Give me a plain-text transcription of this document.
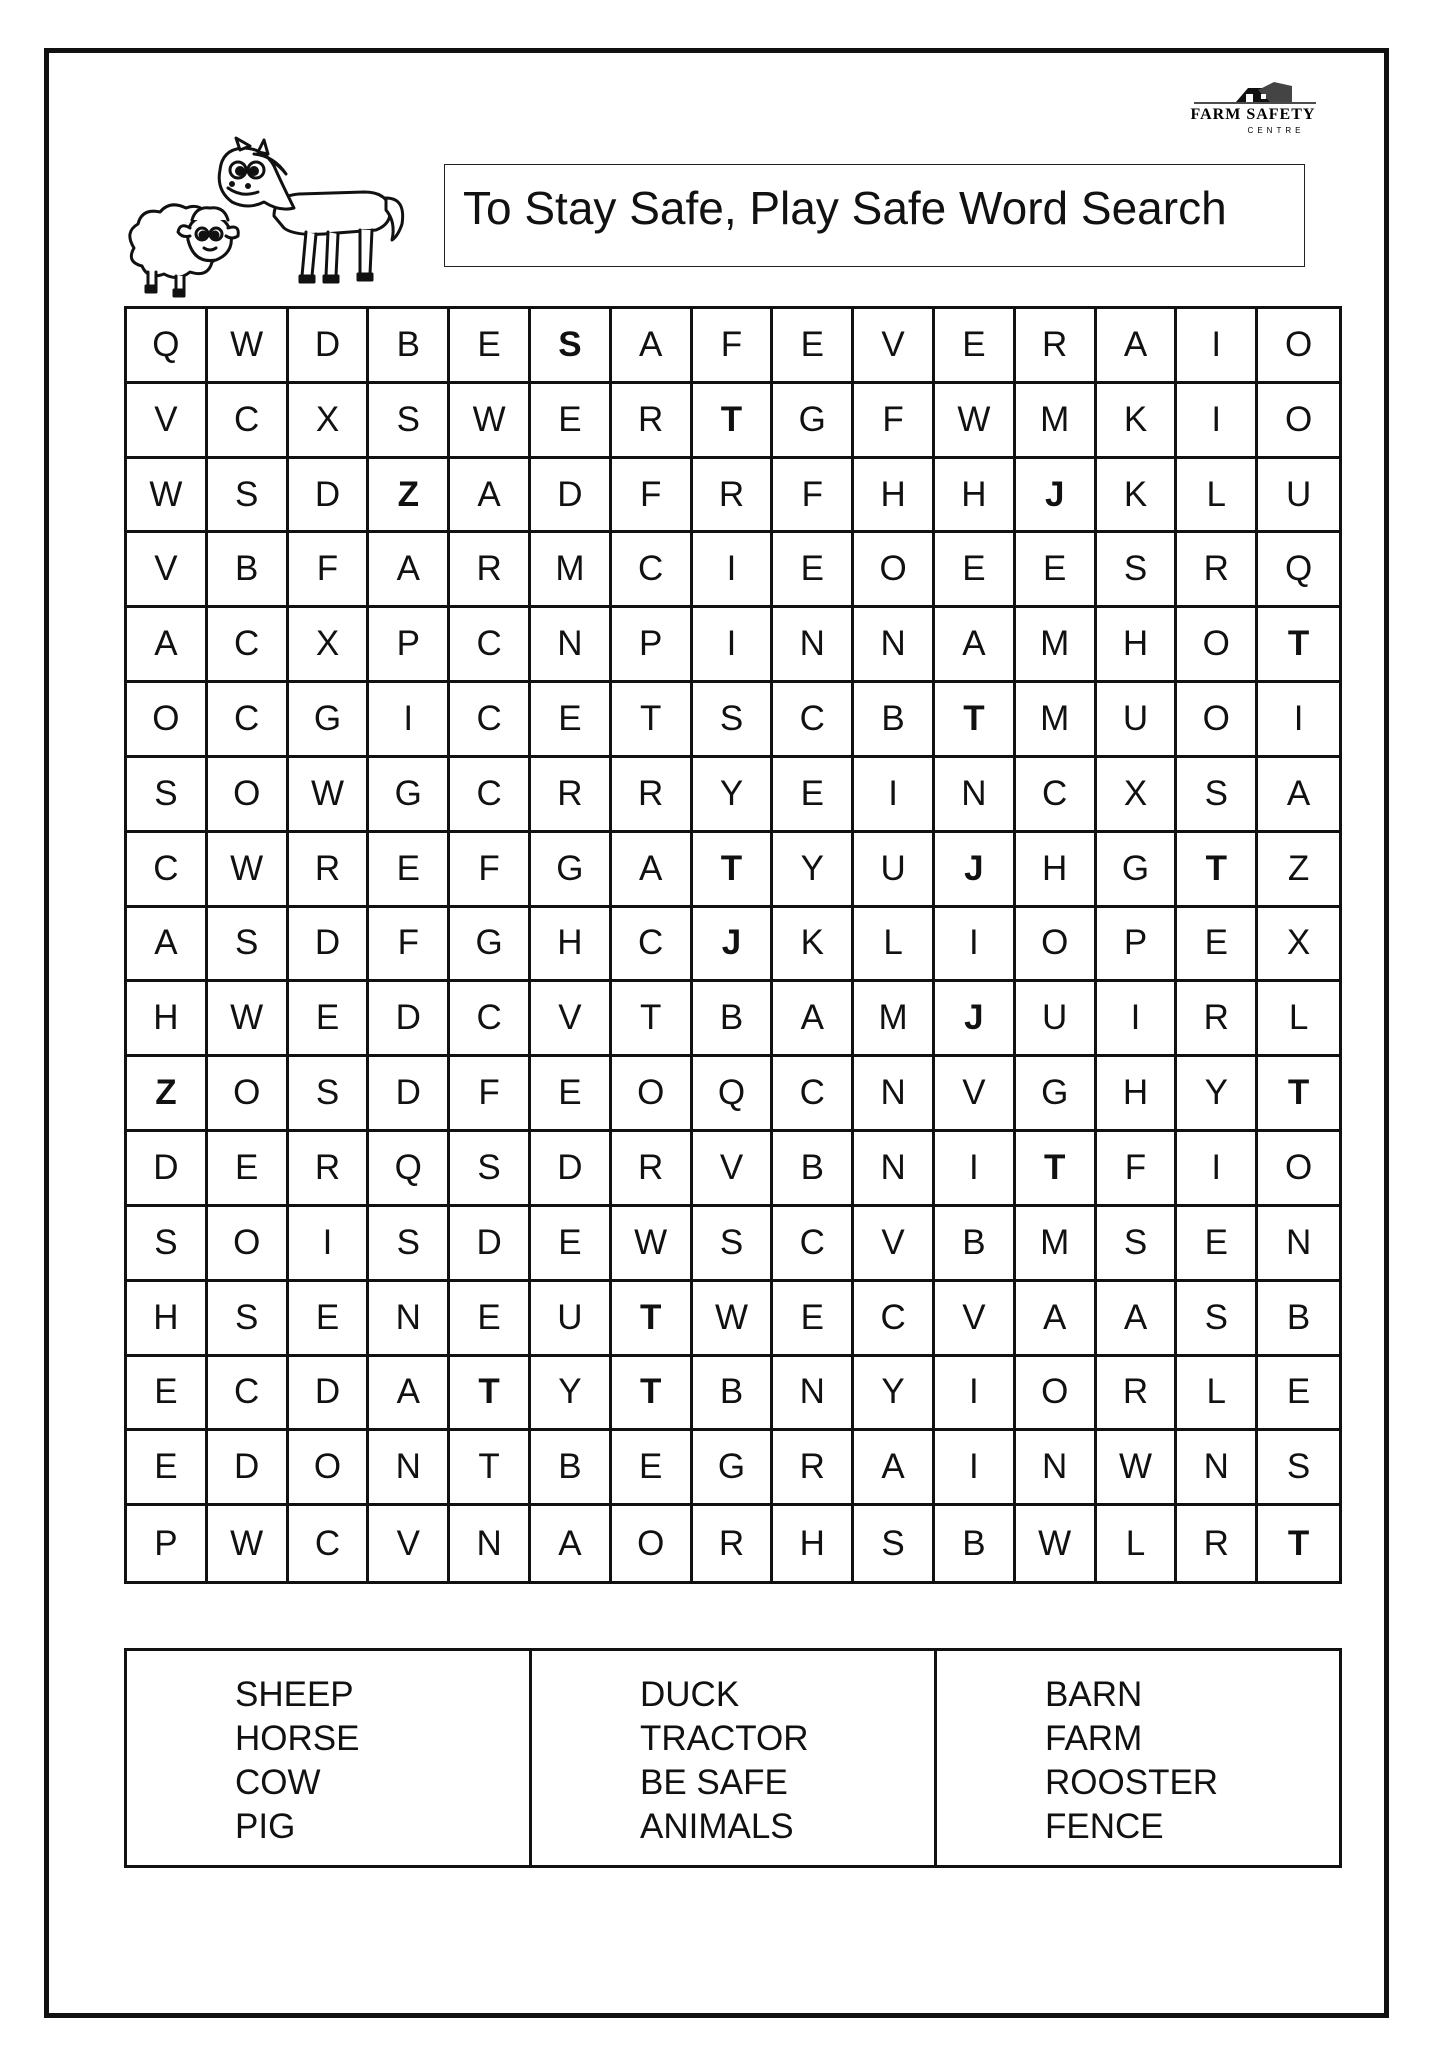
FARM SAFETY
CENTRE
To Stay Safe, Play Safe Word Search
Q	W	D	B	E	S	A	F	E	V	E	R	A	I	O
V	C	X	S	W	E	R	T	G	F	W	M	K	I	O
W	S	D	Z	A	D	F	R	F	H	H	J	K	L	U
V	B	F	A	R	M	C	I	E	O	E	E	S	R	Q
A	C	X	P	C	N	P	I	N	N	A	M	H	O	T
O	C	G	I	C	E	T	S	C	B	T	M	U	O	I
S	O	W	G	C	R	R	Y	E	I	N	C	X	S	A
C	W	R	E	F	G	A	T	Y	U	J	H	G	T	Z
A	S	D	F	G	H	C	J	K	L	I	O	P	E	X
H	W	E	D	C	V	T	B	A	M	J	U	I	R	L
Z	O	S	D	F	E	O	Q	C	N	V	G	H	Y	T
D	E	R	Q	S	D	R	V	B	N	I	T	F	I	O
S	O	I	S	D	E	W	S	C	V	B	M	S	E	N
H	S	E	N	E	U	T	W	E	C	V	A	A	S	B
E	C	D	A	T	Y	T	B	N	Y	I	O	R	L	E
E	D	O	N	T	B	E	G	R	A	I	N	W	N	S
P	W	C	V	N	A	O	R	H	S	B	W	L	R	T
SHEEP
HORSE
COW
PIG
DUCK
TRACTOR
BE SAFE
ANIMALS
BARN
FARM
ROOSTER
FENCE
